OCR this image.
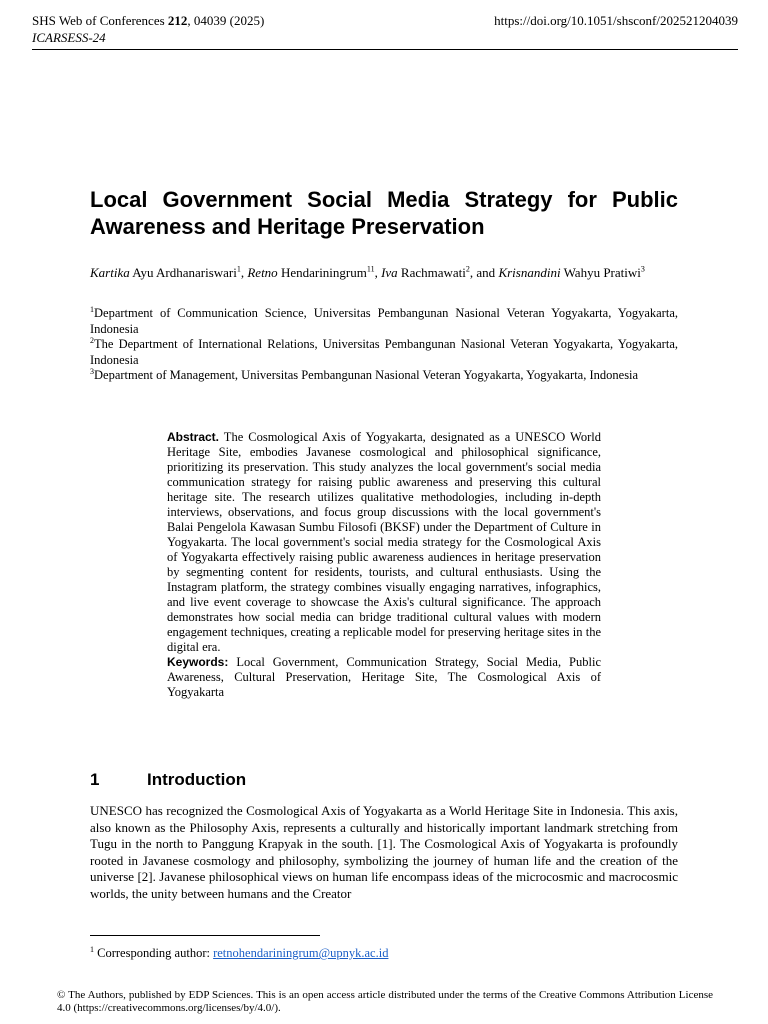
SHS Web of Conferences 212, 04039 (2025)	https://doi.org/10.1051/shsconf/202521204039
ICARSESS-24
Local Government Social Media Strategy for Public Awareness and Heritage Preservation
Kartika Ayu Ardhanariswari$^1$, Retno Hendariningrum$^{11}$, Iva Rachmawati$^2$, and Krisnandini Wahyu Pratiwi$^3$

$^1$Department of Communication Science, Universitas Pembangunan Nasional Veteran Yogyakarta, Yogyakarta, Indonesia

$^2$The Department of International Relations, Universitas Pembangunan Nasional Veteran Yogyakarta, Yogyakarta, Indonesia

$^3$Department of Management, Universitas Pembangunan Nasional Veteran Yogyakarta, Yogyakarta, Indonesia

Abstract. The Cosmological Axis of Yogyakarta, designated as a UNESCO World Heritage Site, embodies Javanese cosmological and philosophical significance, prioritizing its preservation. This study analyzes the local government's social media communication strategy for raising public awareness and preserving this cultural heritage site. The research utilizes qualitative methodologies, including in-depth interviews, observations, and focus group discussions with the local government's Balai Pengelola Kawasan Sumbu Filosofi (BKSF) under the Department of Culture in Yogyakarta. The local government's social media strategy for the Cosmological Axis of Yogyakarta effectively raising public awareness audiences in heritage preservation by segmenting content for residents, tourists, and cultural enthusiasts. Using the Instagram platform, the strategy combines visually engaging narratives, infographics, and live event coverage to showcase the Axis's cultural significance. The approach demonstrates how social media can bridge traditional cultural values with modern engagement techniques, creating a replicable model for preserving heritage sites in the digital era.

Keywords: Local Government, Communication Strategy, Social Media, Public Awareness, Cultural Preservation, Heritage Site, The Cosmological Axis of Yogyakarta

1	Introduction

UNESCO has recognized the Cosmological Axis of Yogyakarta as a World Heritage Site in Indonesia. This axis, also known as the Philosophy Axis, represents a culturally and historically important landmark stretching from Tugu in the north to Panggung Krapyak in the south. [1]. The Cosmological Axis of Yogyakarta is profoundly rooted in Javanese cosmology and philosophy, symbolizing the journey of human life and the creation of the universe [2]. Javanese philosophical views on human life encompass ideas of the microcosmic and macrocosmic worlds, the unity between humans and the Creator

$^1$ Corresponding author: retnohendariningrum@upnyk.ac.id
© The Authors, published by EDP Sciences. This is an open access article distributed under the terms of the Creative Commons Attribution License 4.0 (https://creativecommons.org/licenses/by/4.0/).
